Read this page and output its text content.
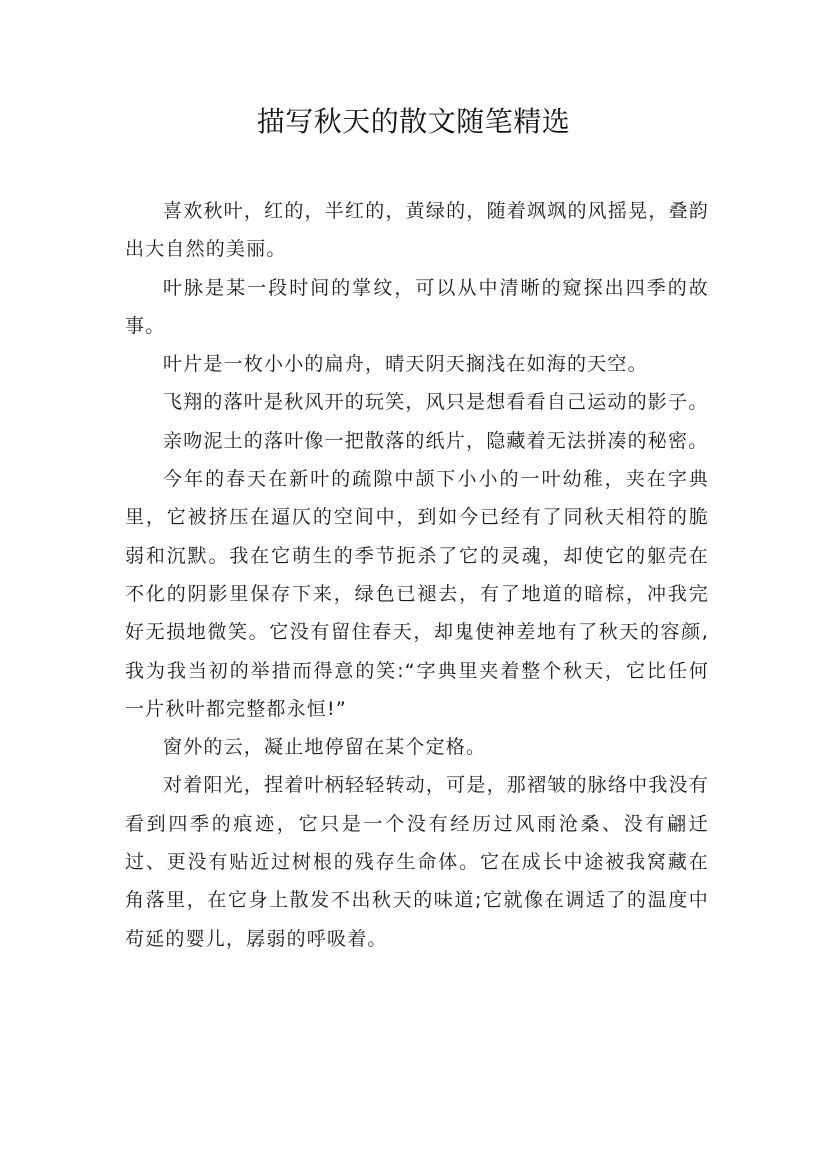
描写秋天的散文随笔精选

喜欢秋叶，红的，半红的，黄绿的，随着飒飒的风摇晃，叠韵出大自然的美丽。

叶脉是某一段时间的掌纹，可以从中清晰的窥探出四季的故事。

叶片是一枚小小的扁舟，晴天阴天搁浅在如海的天空。

飞翔的落叶是秋风开的玩笑，风只是想看看自己运动的影子。

亲吻泥土的落叶像一把散落的纸片，隐藏着无法拼凑的秘密。

今年的春天在新叶的疏隙中颉下小小的一叶幼稚，夹在字典里，它被挤压在逼仄的空间中，到如今已经有了同秋天相符的脆弱和沉默。我在它萌生的季节扼杀了它的灵魂，却使它的躯壳在不化的阴影里保存下来，绿色已褪去，有了地道的暗棕，冲我完好无损地微笑。它没有留住春天，却鬼使神差地有了秋天的容颜,我为我当初的举措而得意的笑:“字典里夹着整个秋天，它比任何一片秋叶都完整都永恒!”

窗外的云，凝止地停留在某个定格。

对着阳光，捏着叶柄轻轻转动，可是，那褶皱的脉络中我没有看到四季的痕迹，它只是一个没有经历过风雨沧桑、没有翩迁过、更没有贴近过树根的残存生命体。它在成长中途被我窝藏在角落里，在它身上散发不出秋天的味道;它就像在调适了的温度中苟延的婴儿，孱弱的呼吸着。
